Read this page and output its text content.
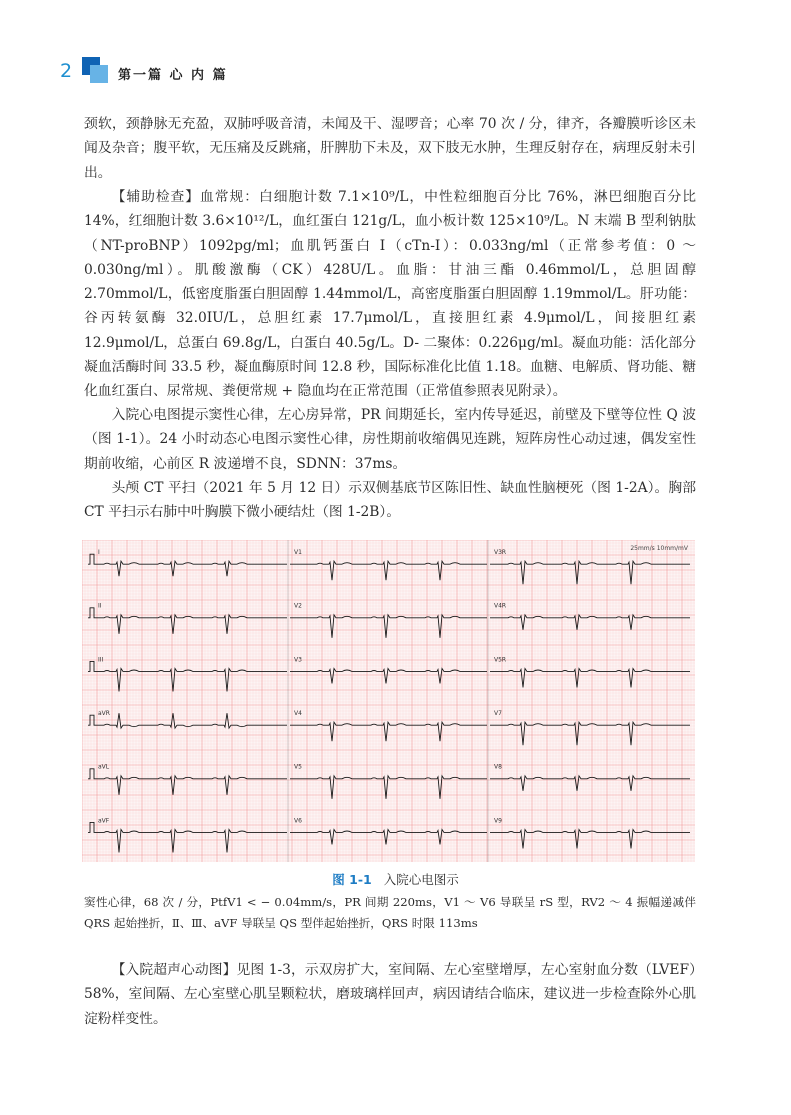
2	第一篇 心 内 篇

颈软，颈静脉无充盈，双肺呼吸音清，未闻及干、湿啰音；心率 70 次 / 分，律齐，各瓣膜听诊区未闻及杂音；腹平软，无压痛及反跳痛，肝脾肋下未及，双下肢无水肿，生理反射存在，病理反射未引出。

【辅助检查】血常规：白细胞计数 7.1×10⁹/L，中性粒细胞百分比 76%，淋巴细胞百分比 14%，红细胞计数 3.6×10¹²/L，血红蛋白 121g/L，血小板计数 125×10⁹/L。N 末端 B 型利钠肽（NT-proBNP）1092pg/ml；血肌钙蛋白 I（cTn-I）：0.033ng/ml（正常参考值：0 ～ 0.030ng/ml）。肌酸激酶（CK）428U/L。血脂：甘油三酯 0.46mmol/L，总胆固醇 2.70mmol/L，低密度脂蛋白胆固醇 1.44mmol/L，高密度脂蛋白胆固醇 1.19mmol/L。肝功能：谷丙转氨酶 32.0IU/L，总胆红素 17.7μmol/L，直接胆红素 4.9μmol/L，间接胆红素 12.9μmol/L，总蛋白 69.8g/L，白蛋白 40.5g/L。D- 二聚体：0.226μg/ml。凝血功能：活化部分凝血活酶时间 33.5 秒，凝血酶原时间 12.8 秒，国际标准化比值 1.18。血糖、电解质、肾功能、糖化血红蛋白、尿常规、粪便常规 + 隐血均在正常范围（正常值参照表见附录）。

入院心电图提示窦性心律，左心房异常，PR 间期延长，室内传导延迟，前壁及下壁等位性 Q 波（图 1-1）。24 小时动态心电图示窦性心律，房性期前收缩偶见连跳，短阵房性心动过速，偶发室性期前收缩，心前区 R 波递增不良，SDNN：37ms。

头颅 CT 平扫（2021 年 5 月 12 日）示双侧基底节区陈旧性、缺血性脑梗死（图 1-2A）。胸部 CT 平扫示右肺中叶胸膜下微小硬结灶（图 1-2B）。

I
II
III
aVR
aVL
aVF
V1
V2
V3
V4
V5
V6
V3R
V4R
V5R
V7
V8
V9
25mm/s 10mm/mV
图 1-1 入院心电图示

窦性心律，68 次 / 分，PtfV1 < − 0.04mm/s，PR 间期 220ms，V1 ～ V6 导联呈 rS 型，RV2 ～ 4 振幅递减伴 QRS 起始挫折，Ⅱ、Ⅲ、aVF 导联呈 QS 型伴起始挫折，QRS 时限 113ms

【入院超声心动图】见图 1-3，示双房扩大，室间隔、左心室壁增厚，左心室射血分数（LVEF）58%，室间隔、左心室壁心肌呈颗粒状，磨玻璃样回声，病因请结合临床，建议进一步检查除外心肌淀粉样变性。
